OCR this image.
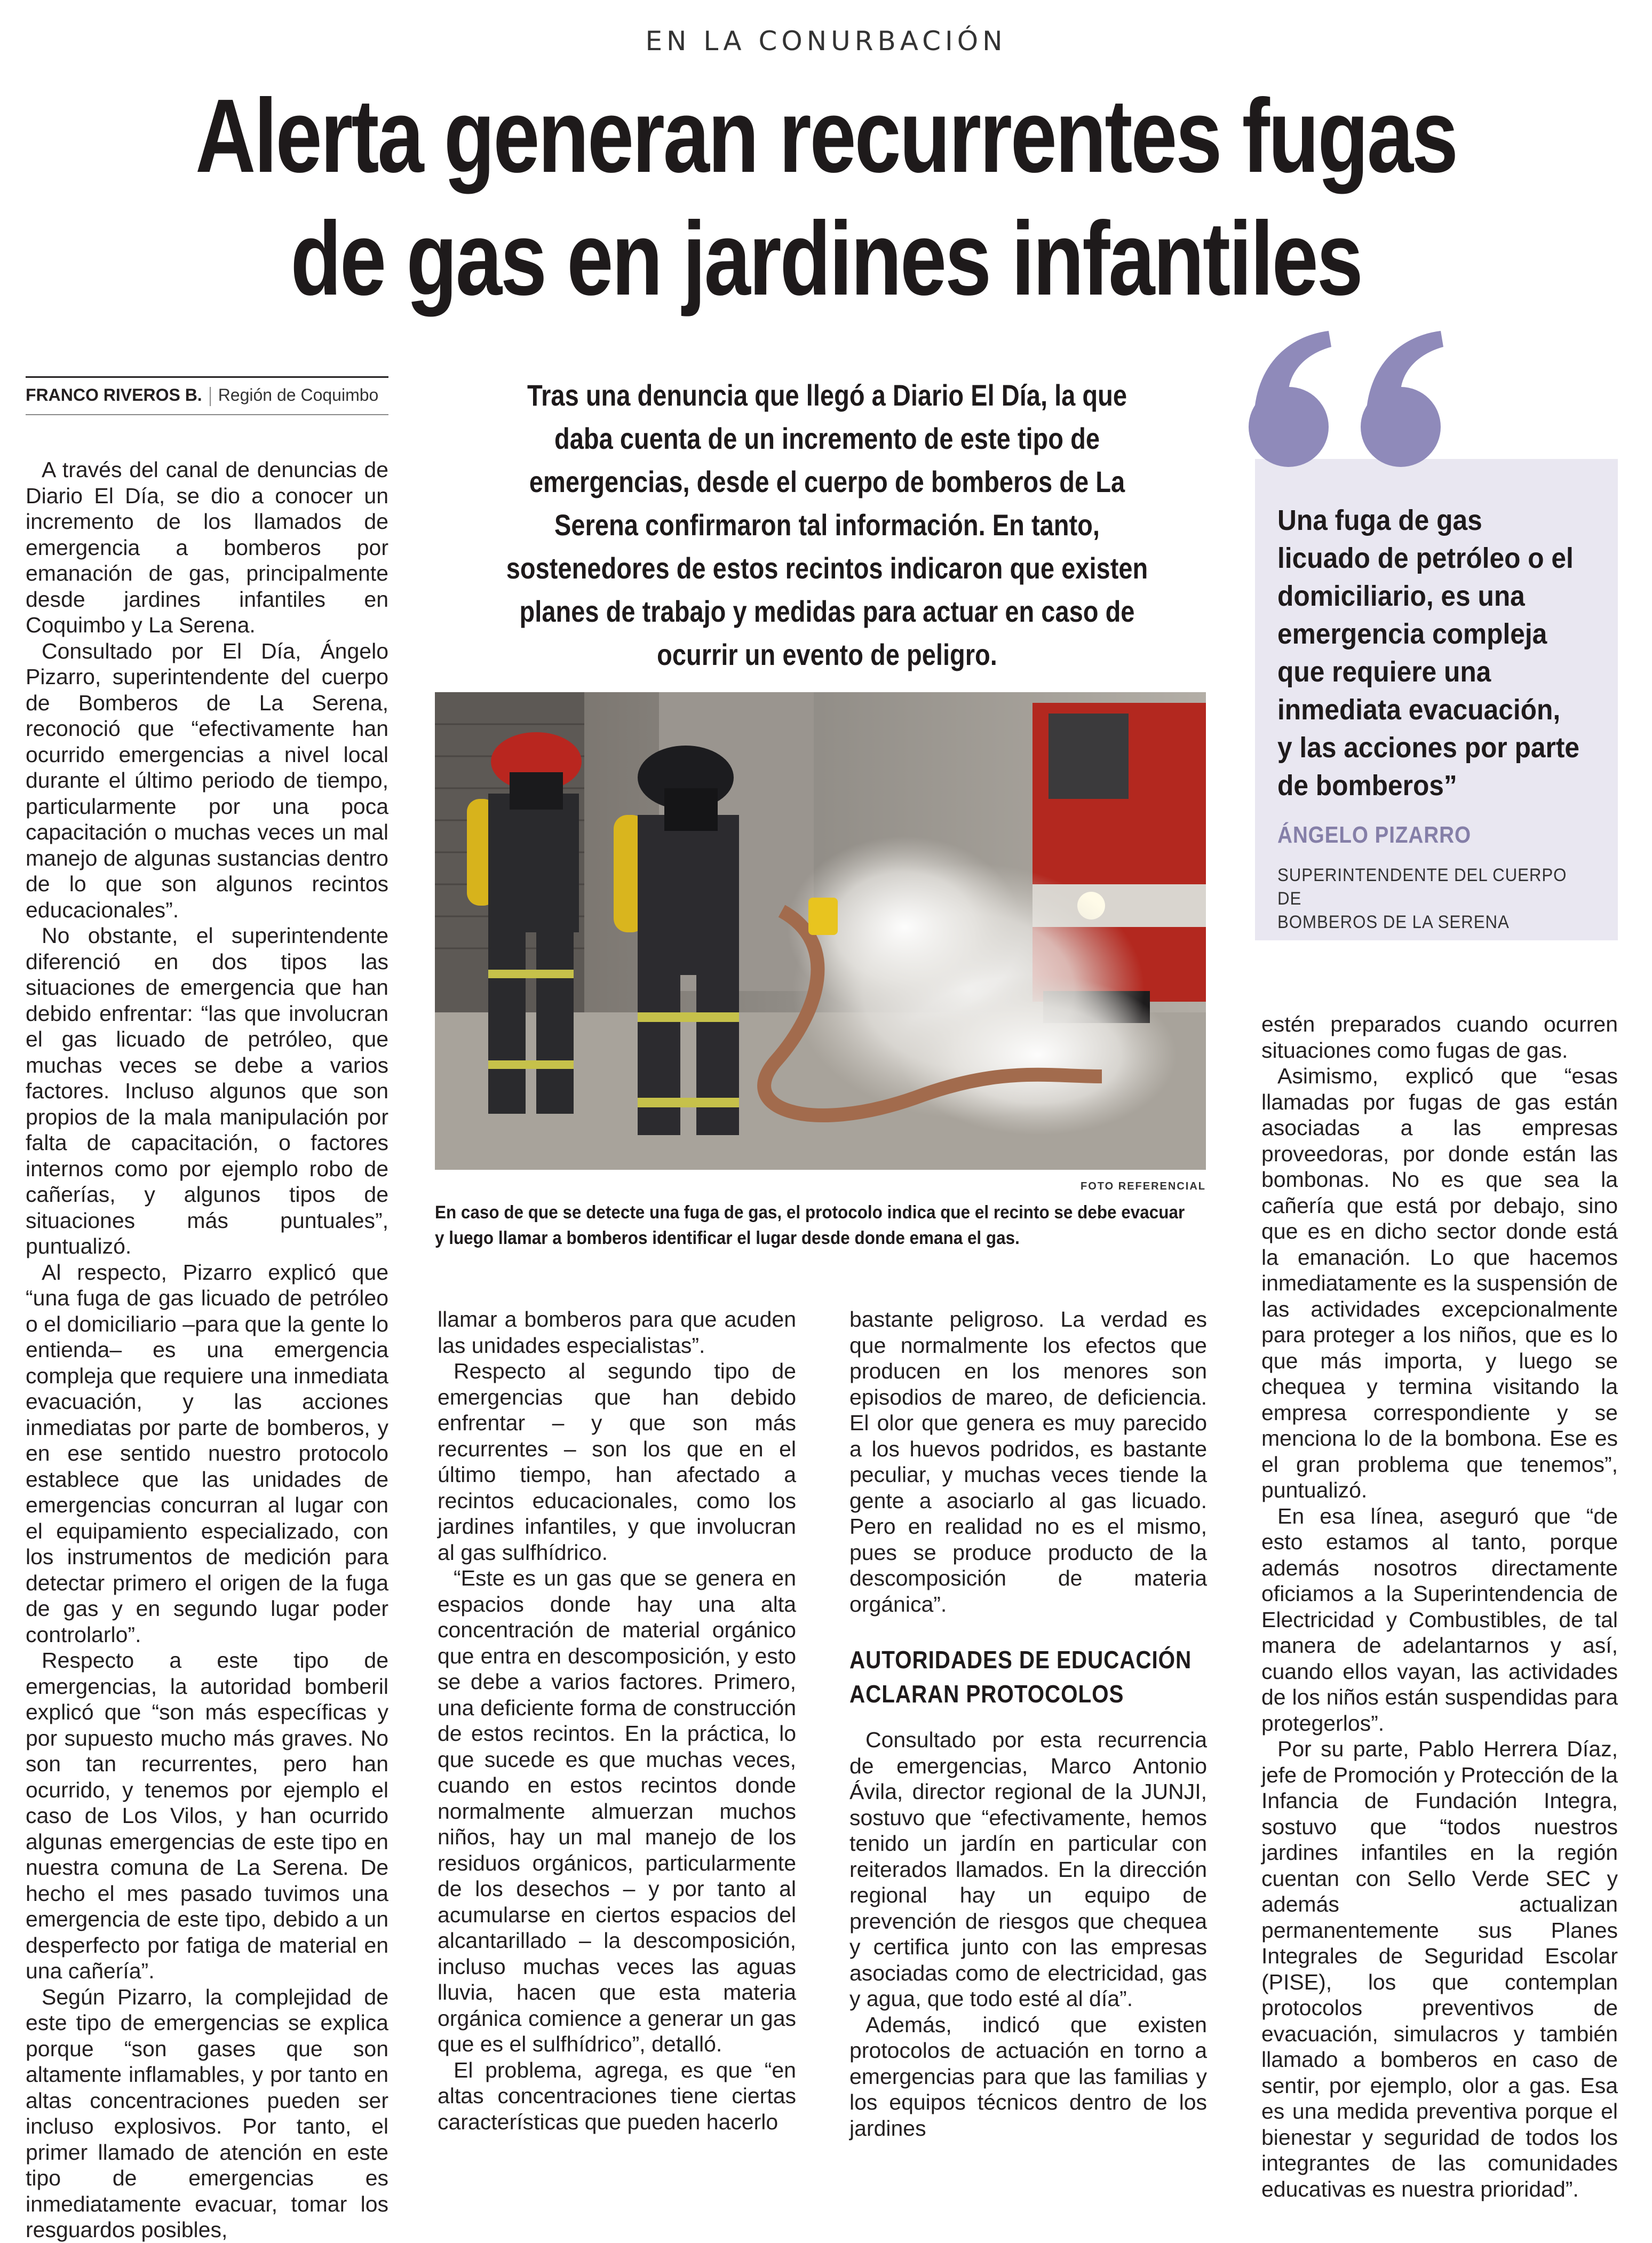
EN LA CONURBACIÓN
Alerta generan recurrentes fugas
de gas en jardines infantiles
FRANCO RIVEROS B. Región de Coquimbo	Tras una denuncia que llegó a Diario El Día, la que daba cuenta de un incremento de este tipo de emergencias, desde el cuerpo de bomberos de La Serena confirmaron tal información. En tanto, sostenedores de estos recintos indicaron que existen planes de trabajo y medidas para actuar en caso de ocurrir un evento de peligro.
Una fuga de gas licuado de petróleo o el domiciliario, es una emergencia compleja que requiere una inmediata evacuación, y las acciones por parte de bomberos”
ÁNGELO PIZARRO
SUPERINTENDENTE DEL CUERPO DE
BOMBEROS DE LA SERENA
FOTO REFERENCIAL
En caso de que se detecte una fuga de gas, el protocolo indica que el recinto se debe evacuar
y luego llamar a bomberos identificar el lugar desde donde emana el gas.

A través del canal de denuncias de Diario El Día, se dio a conocer un incremento de los llamados de emergencia a bomberos por emanación de gas, principalmente desde jardines infantiles en Coquimbo y La Serena.

Consultado por El Día, Ángelo Pizarro, superintendente del cuerpo de Bomberos de La Serena, reconoció que “efectivamente han ocurrido emergencias a nivel local durante el último periodo de tiempo, particularmente por una poca capacitación o muchas veces un mal manejo de algunas sustancias dentro de lo que son algunos recintos educacionales”.

No obstante, el superintendente diferenció en dos tipos las situaciones de emergencia que han debido enfrentar: “las que involucran el gas licuado de petróleo, que muchas veces se debe a varios factores. Incluso algunos que son propios de la mala manipulación por falta de capacitación, o factores internos como por ejemplo robo de cañerías, y algunos tipos de situaciones más puntuales”, puntualizó.

Al respecto, Pizarro explicó que “una fuga de gas licuado de petróleo o el domiciliario –para que la gente lo entienda– es una emergencia compleja que requiere una inmediata evacuación, y las acciones inmediatas por parte de bomberos, y en ese sentido nuestro protocolo establece que las unidades de emergencias concurran al lugar con el equipamiento especializado, con los instrumentos de medición para detectar primero el origen de la fuga de gas y en segundo lugar poder controlarlo”.

Respecto a este tipo de emergencias, la autoridad bomberil explicó que “son más específicas y por supuesto mucho más graves. No son tan recurrentes, pero han ocurrido, y tenemos por ejemplo el caso de Los Vilos, y han ocurrido algunas emergencias de este tipo en nuestra comuna de La Serena. De hecho el mes pasado tuvimos una emergencia de este tipo, debido a un desperfecto por fatiga de material en una cañería”.

Según Pizarro, la complejidad de este tipo de emergencias se explica porque “son gases que son altamente inflamables, y por tanto en altas concentraciones pueden ser incluso explosivos. Por tanto, el primer llamado de atención en este tipo de emergencias es inmediatamente evacuar, tomar los resguardos posibles,

llamar a bomberos para que acuden las unidades especialistas”.

Respecto al segundo tipo de emergencias que han debido enfrentar – y que son más recurrentes – son los que en el último tiempo, han afectado a recintos educacionales, como los jardines infantiles, y que involucran al gas sulfhídrico.

“Este es un gas que se genera en espacios donde hay una alta concentración de material orgánico que entra en descomposición, y esto se debe a varios factores. Primero, una deficiente forma de construcción de estos recintos. En la práctica, lo que sucede es que muchas veces, cuando en estos recintos donde normalmente almuerzan muchos niños, hay un mal manejo de los residuos orgánicos, particularmente de los desechos – y por tanto al acumularse en ciertos espacios del alcantarillado – la descomposición, incluso muchas veces las aguas lluvia, hacen que esta materia orgánica comience a generar un gas que es el sulfhídrico”, detalló.

El problema, agrega, es que “en altas concentraciones tiene ciertas características que pueden hacerlo

bastante peligroso. La verdad es que normalmente los efectos que producen en los menores son episodios de mareo, de deficiencia. El olor que genera es muy parecido a los huevos podridos, es bastante peculiar, y muchas veces tiende la gente a asociarlo al gas licuado. Pero en realidad no es el mismo, pues se produce producto de la descomposición de materia orgánica”.

AUTORIDADES DE EDUCACIÓN
ACLARAN PROTOCOLOS

Consultado por esta recurrencia de emergencias, Marco Antonio Ávila, director regional de la JUNJI, sostuvo que “efectivamente, hemos tenido un jardín en particular con reiterados llamados. En la dirección regional hay un equipo de prevención de riesgos que chequea y certifica junto con las empresas asociadas como de electricidad, gas y agua, que todo esté al día”.

Además, indicó que existen protocolos de actuación en torno a emergencias para que las familias y los equipos técnicos dentro de los jardines

estén preparados cuando ocurren situaciones como fugas de gas.

Asimismo, explicó que “esas llamadas por fugas de gas están asociadas a las empresas proveedoras, por donde están las bombonas. No es que sea la cañería que está por debajo, sino que es en dicho sector donde está la emanación. Lo que hacemos inmediatamente es la suspensión de las actividades excepcionalmente para proteger a los niños, que es lo que más importa, y luego se chequea y termina visitando la empresa correspondiente y se menciona lo de la bombona. Ese es el gran problema que tenemos”, puntualizó.

En esa línea, aseguró que “de esto estamos al tanto, porque además nosotros directamente oficiamos a la Superintendencia de Electricidad y Combustibles, de tal manera de adelantarnos y así, cuando ellos vayan, las actividades de los niños están suspendidas para protegerlos”.

Por su parte, Pablo Herrera Díaz, jefe de Promoción y Protección de la Infancia de Fundación Integra, sostuvo que “todos nuestros jardines infantiles en la región cuentan con Sello Verde SEC y además actualizan permanentemente sus Planes Integrales de Seguridad Escolar (PISE), los que contemplan protocolos preventivos de evacuación, simulacros y también llamado a bomberos en caso de sentir, por ejemplo, olor a gas. Esa es una medida preventiva porque el bienestar y seguridad de todos los integrantes de las comunidades educativas es nuestra prioridad”.
